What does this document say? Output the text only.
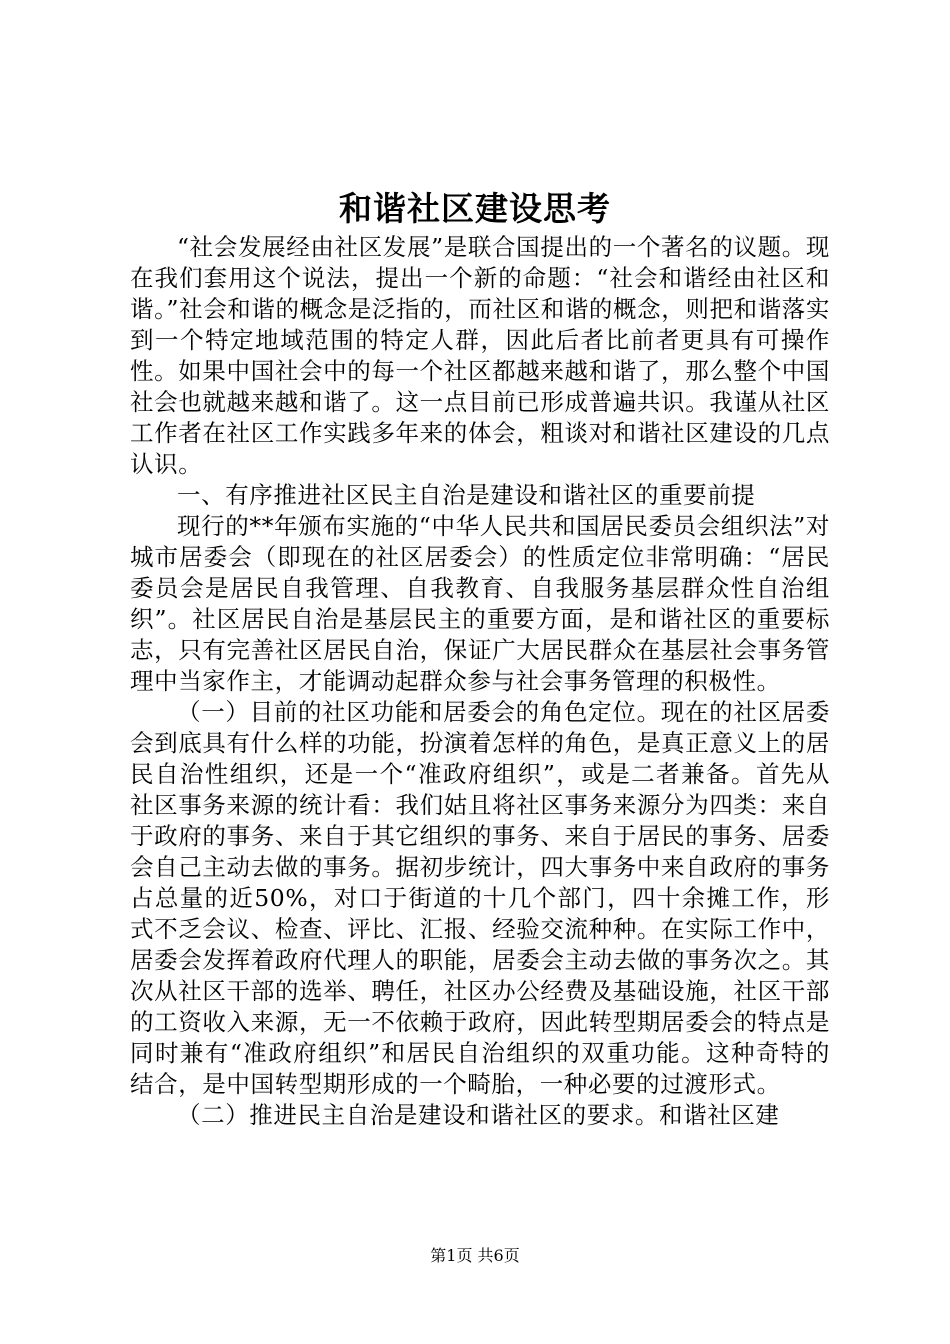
和谐社区建设思考

“社会发展经由社区发展”是联合国提出的一个著名的议题。现在我们套用这个说法，提出一个新的命题：“社会和谐经由社区和谐。”社会和谐的概念是泛指的，而社区和谐的概念，则把和谐落实到一个特定地域范围的特定人群，因此后者比前者更具有可操作性。如果中国社会中的每一个社区都越来越和谐了，那么整个中国社会也就越来越和谐了。这一点目前已形成普遍共识。我谨从社区工作者在社区工作实践多年来的体会，粗谈对和谐社区建设的几点认识。

一、有序推进社区民主自治是建设和谐社区的重要前提

现行的**年颁布实施的“中华人民共和国居民委员会组织法”对城市居委会（即现在的社区居委会）的性质定位非常明确：“居民委员会是居民自我管理、自我教育、自我服务基层群众性自治组织”。社区居民自治是基层民主的重要方面，是和谐社区的重要标志，只有完善社区居民自治，保证广大居民群众在基层社会事务管理中当家作主，才能调动起群众参与社会事务管理的积极性。

（一）目前的社区功能和居委会的角色定位。现在的社区居委会到底具有什么样的功能，扮演着怎样的角色，是真正意义上的居民自治性组织，还是一个“准政府组织”，或是二者兼备。首先从社区事务来源的统计看：我们姑且将社区事务来源分为四类：来自于政府的事务、来自于其它组织的事务、来自于居民的事务、居委会自己主动去做的事务。据初步统计，四大事务中来自政府的事务占总量的近50%，对口于街道的十几个部门，四十余摊工作，形式不乏会议、检查、评比、汇报、经验交流种种。在实际工作中，居委会发挥着政府代理人的职能，居委会主动去做的事务次之。其次从社区干部的选举、聘任，社区办公经费及基础设施，社区干部的工资收入来源，无一不依赖于政府，因此转型期居委会的特点是同时兼有“准政府组织”和居民自治组织的双重功能。这种奇特的结合，是中国转型期形成的一个畸胎，一种必要的过渡形式。

（二）推进民主自治是建设和谐社区的要求。和谐社区建

第1页 共6页
